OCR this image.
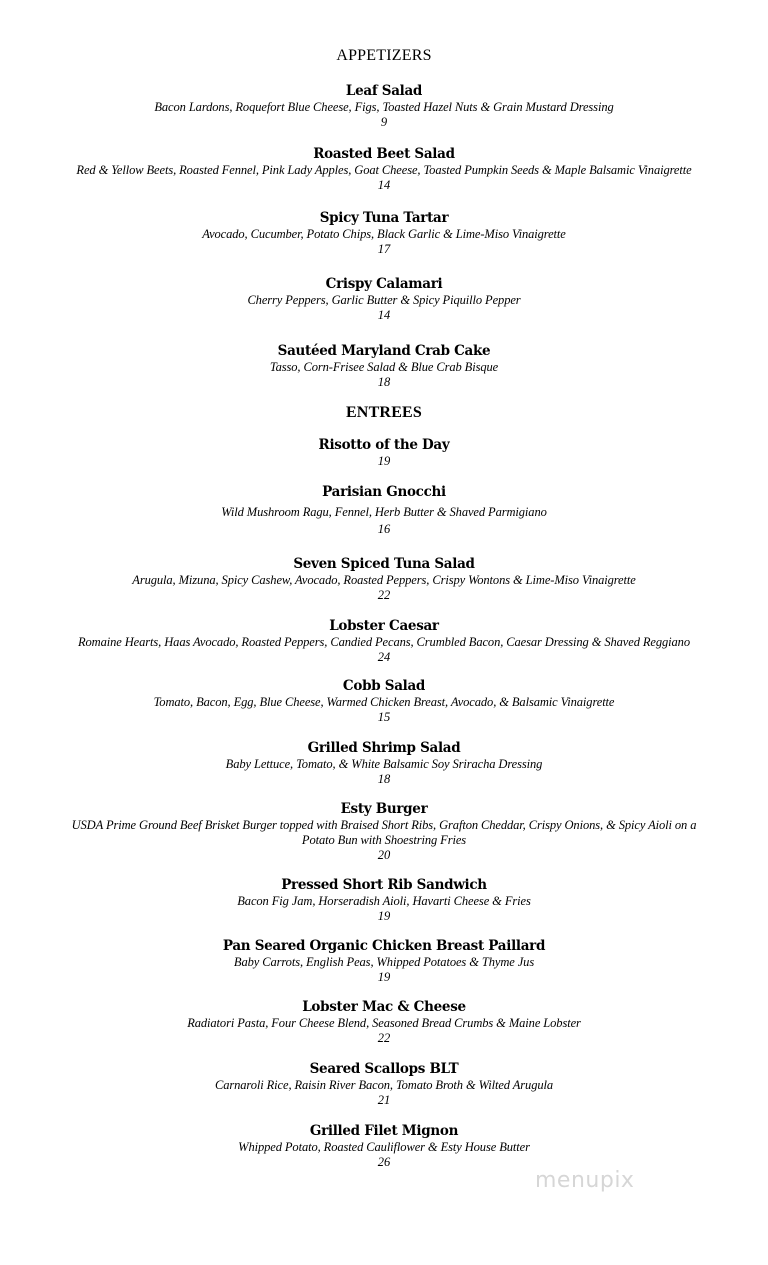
APPETIZERS
Leaf Salad
Bacon Lardons, Roquefort Blue Cheese, Figs, Toasted Hazel Nuts & Grain Mustard Dressing
9
Roasted Beet Salad
Red & Yellow Beets, Roasted Fennel, Pink Lady Apples, Goat Cheese, Toasted Pumpkin Seeds & Maple Balsamic Vinaigrette
14
Spicy Tuna Tartar
Avocado, Cucumber, Potato Chips, Black Garlic & Lime-Miso Vinaigrette
17
Crispy Calamari
Cherry Peppers, Garlic Butter & Spicy Piquillo Pepper
14
Sautéed Maryland Crab Cake
Tasso, Corn-Frisee Salad & Blue Crab Bisque
18
ENTREES
Risotto of the Day
19
Parisian Gnocchi
Wild Mushroom Ragu, Fennel, Herb Butter & Shaved Parmigiano
16
Seven Spiced Tuna Salad
Arugula, Mizuna, Spicy Cashew, Avocado, Roasted Peppers, Crispy Wontons & Lime-Miso Vinaigrette
22
Lobster Caesar
Romaine Hearts, Haas Avocado, Roasted Peppers, Candied Pecans, Crumbled Bacon, Caesar Dressing & Shaved Reggiano
24
Cobb Salad
Tomato, Bacon, Egg, Blue Cheese, Warmed Chicken Breast, Avocado, & Balsamic Vinaigrette
15
Grilled Shrimp Salad
Baby Lettuce, Tomato, & White Balsamic Soy Sriracha Dressing
18
Esty Burger
USDA Prime Ground Beef Brisket Burger topped with Braised Short Ribs, Grafton Cheddar, Crispy Onions, & Spicy Aioli on a Potato Bun with Shoestring Fries
20
Pressed Short Rib Sandwich
Bacon Fig Jam, Horseradish Aioli, Havarti Cheese & Fries
19
Pan Seared Organic Chicken Breast Paillard
Baby Carrots, English Peas, Whipped Potatoes & Thyme Jus
19
Lobster Mac & Cheese
Radiatori Pasta, Four Cheese Blend, Seasoned Bread Crumbs & Maine Lobster
22
Seared Scallops BLT
Carnaroli Rice, Raisin River Bacon, Tomato Broth & Wilted Arugula
21
Grilled Filet Mignon
Whipped Potato, Roasted Cauliflower & Esty House Butter
26
menupix
